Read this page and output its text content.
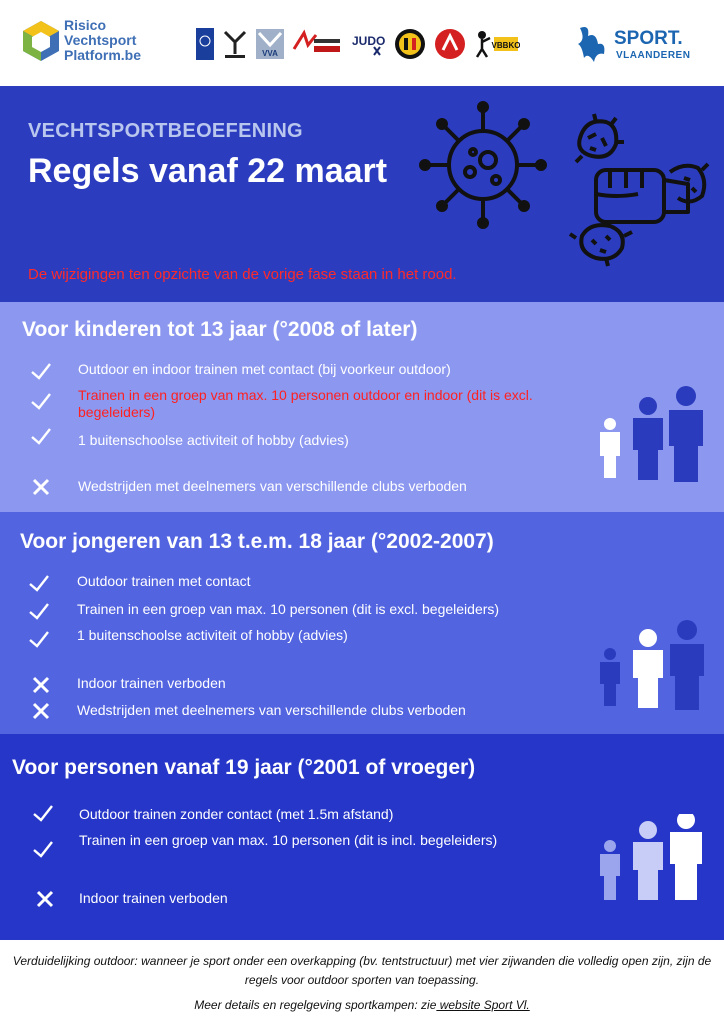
Risico
Vechtsport
Platform.be	VVA
JUDO	VBBKO	SPORT.
VLAANDEREN
VECHTSPORTBEOEFENING
Regels vanaf 22 maart
De wijzigingen ten opzichte van de vorige fase staan in het rood.
Voor kinderen tot 13 jaar (°2008 of later)
Outdoor en indoor trainen met contact (bij voorkeur outdoor)
Trainen in een groep van max. 10 personen outdoor en indoor (dit is excl. begeleiders)
1 buitenschoolse activiteit of hobby (advies)
Wedstrijden met deelnemers van verschillende clubs verboden
Voor jongeren van 13 t.e.m. 18 jaar (°2002-2007)
Outdoor trainen met contact
Trainen in een groep van max. 10 personen (dit is excl. begeleiders)
1 buitenschoolse activiteit of hobby (advies)
Indoor trainen verboden
Wedstrijden met deelnemers van verschillende clubs verboden
Voor personen vanaf 19 jaar (°2001 of vroeger)
Outdoor trainen zonder contact (met 1.5m afstand)
Trainen in een groep van max. 10 personen (dit is incl. begeleiders)
Indoor trainen verboden
Verduidelijking outdoor: wanneer je sport onder een overkapping (bv. tentstructuur) met vier zijwanden die volledig open zijn, zijn de regels voor outdoor sporten van toepassing.
Meer details en regelgeving sportkampen: zie website Sport Vl.
